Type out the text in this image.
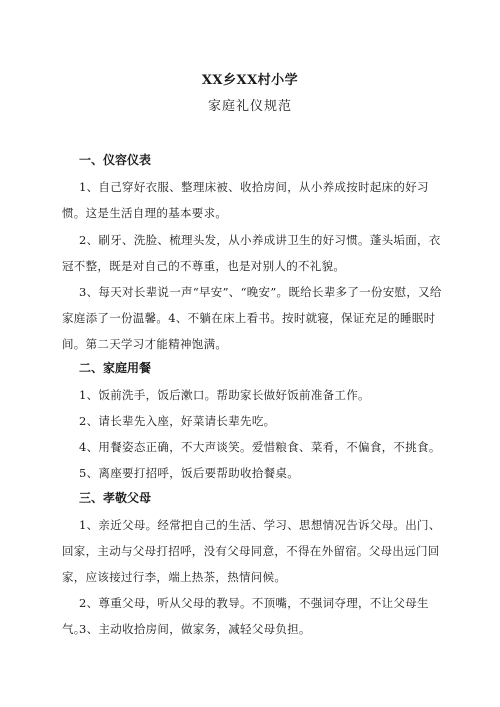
XX乡XX村小学
家庭礼仪规范
一、仪容仪表
1、自己穿好衣服、整理床被、收拾房间，从小养成按时起床的好习惯。这是生活自理的基本要求。
2、刷牙、洗脸、梳理头发，从小养成讲卫生的好习惯。蓬头垢面，衣冠不整，既是对自己的不尊重，也是对别人的不礼貌。
3、每天对长辈说一声“早安”、“晚安”。既给长辈多了一份安慰，又给家庭添了一份温馨。4、不躺在床上看书。按时就寝，保证充足的睡眠时间。第二天学习才能精神饱满。
二、家庭用餐
1、饭前洗手，饭后漱口。帮助家长做好饭前准备工作。
2、请长辈先入座，好菜请长辈先吃。
4、用餐姿态正确，不大声谈笑。爱惜粮食、菜肴，不偏食，不挑食。
5、离座要打招呼，饭后要帮助收拾餐桌。
三、孝敬父母
1、亲近父母。经常把自己的生活、学习、思想情况告诉父母。出门、回家，主动与父母打招呼，没有父母同意，不得在外留宿。父母出远门回家，应该接过行李，端上热茶，热情问候。
2、尊重父母，听从父母的教导。不顶嘴，不强词夺理，不让父母生气。
3、主动收拾房间，做家务，减轻父母负担。
